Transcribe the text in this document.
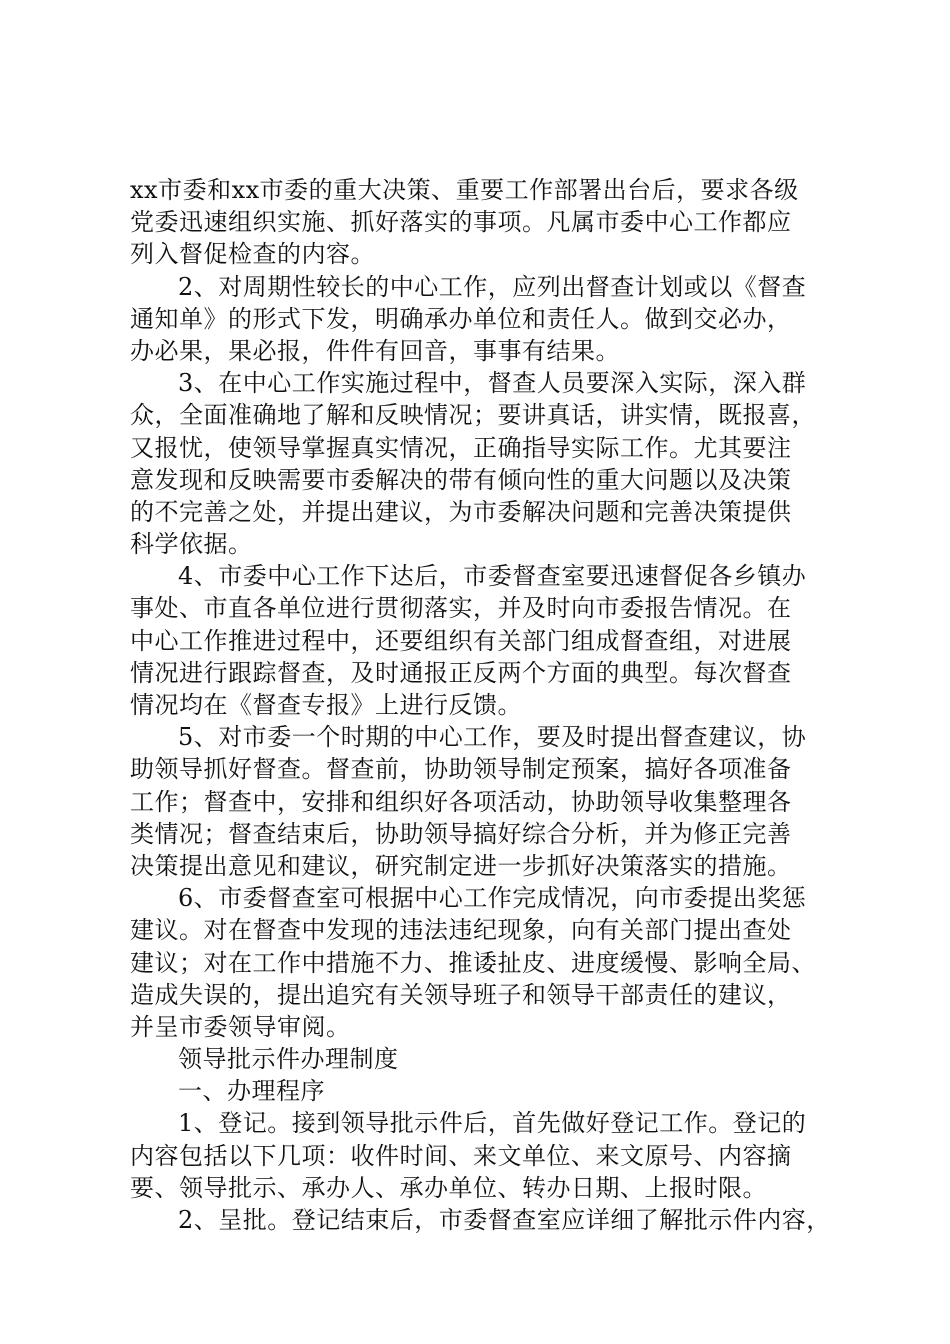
xx市委和xx市委的重大决策、重要工作部署出台后，要求各级
党委迅速组织实施、抓好落实的事项。凡属市委中心工作都应
列入督促检查的内容。
2、对周期性较长的中心工作，应列出督查计划或以《督查
通知单》的形式下发，明确承办单位和责任人。做到交必办，
办必果，果必报，件件有回音，事事有结果。
3、在中心工作实施过程中，督查人员要深入实际，深入群
众，全面准确地了解和反映情况；要讲真话，讲实情，既报喜，
又报忧，使领导掌握真实情况，正确指导实际工作。尤其要注
意发现和反映需要市委解决的带有倾向性的重大问题以及决策
的不完善之处，并提出建议，为市委解决问题和完善决策提供
科学依据。
4、市委中心工作下达后，市委督查室要迅速督促各乡镇办
事处、市直各单位进行贯彻落实，并及时向市委报告情况。在
中心工作推进过程中，还要组织有关部门组成督查组，对进展
情况进行跟踪督查，及时通报正反两个方面的典型。每次督查
情况均在《督查专报》上进行反馈。
5、对市委一个时期的中心工作，要及时提出督查建议，协
助领导抓好督查。督查前，协助领导制定预案，搞好各项准备
工作；督查中，安排和组织好各项活动，协助领导收集整理各
类情况；督查结束后，协助领导搞好综合分析，并为修正完善
决策提出意见和建议，研究制定进一步抓好决策落实的措施。
6、市委督查室可根据中心工作完成情况，向市委提出奖惩
建议。对在督查中发现的违法违纪现象，向有关部门提出查处
建议；对在工作中措施不力、推诿扯皮、进度缓慢、影响全局、
造成失误的，提出追究有关领导班子和领导干部责任的建议，
并呈市委领导审阅。
领导批示件办理制度
一、办理程序
1、登记。接到领导批示件后，首先做好登记工作。登记的
内容包括以下几项：收件时间、来文单位、来文原号、内容摘
要、领导批示、承办人、承办单位、转办日期、上报时限。
2、呈批。登记结束后，市委督查室应详细了解批示件内容，
